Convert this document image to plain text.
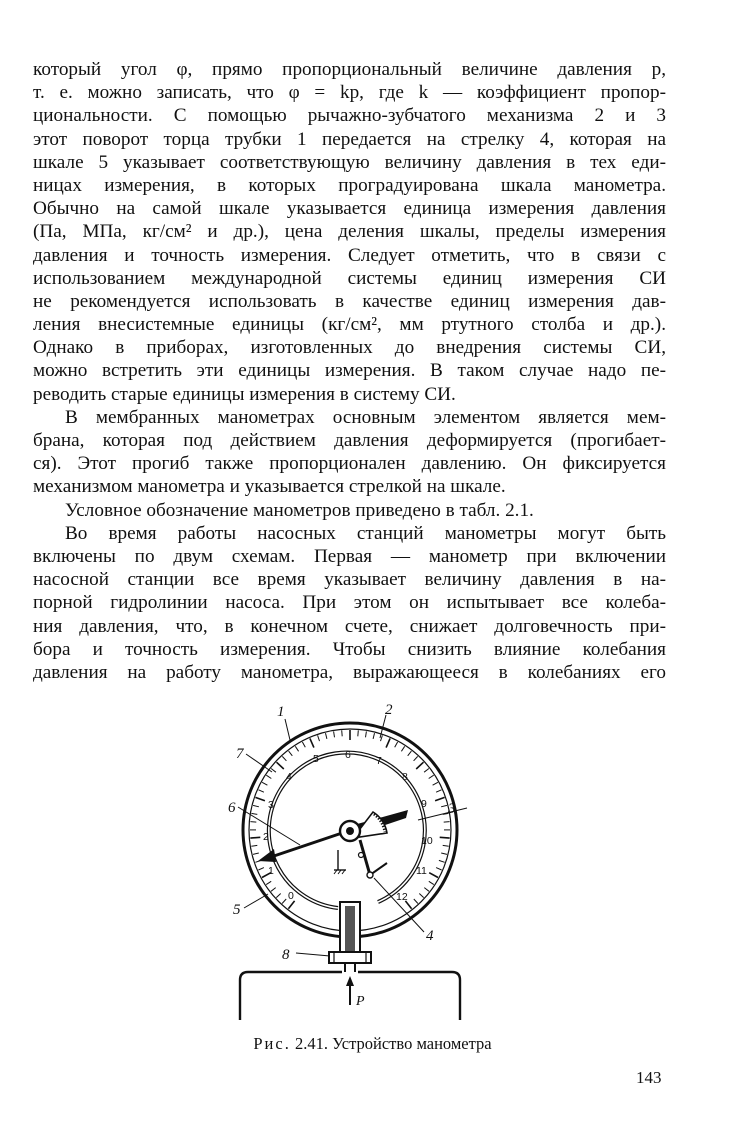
который угол φ, прямо пропорциональный величине давления p,
т. е. можно записать, что φ = kp, где k — коэффициент пропор-
циональности. С помощью рычажно-зубчатого механизма 2 и 3
этот поворот торца трубки 1 передается на стрелку 4, которая на
шкале 5 указывает соответствующую величину давления в тех еди-
ницах измерения, в которых проградуирована шкала манометра.
Обычно на самой шкале указывается единица измерения давления
(Па, МПа, кг/см² и др.), цена деления шкалы, пределы измерения
давления и точность измерения. Следует отметить, что в связи с
использованием международной системы единиц измерения СИ
не рекомендуется использовать в качестве единиц измерения дав-
ления внесистемные единицы (кг/см², мм ртутного столба и др.).
Однако в приборах, изготовленных до внедрения системы СИ,
можно встретить эти единицы измерения. В таком случае надо пе-
реводить старые единицы измерения в систему СИ.
В мембранных манометрах основным элементом является мем-
брана, которая под действием давления деформируется (прогибает-
ся). Этот прогиб также пропорционален давлению. Он фиксируется
механизмом манометра и указывается стрелкой на шкале.
Условное обозначение манометров приведено в табл. 2.1.
Во время работы насосных станций манометры могут быть
включены по двум схемам. Первая — манометр при включении
насосной станции все время указывает величину давления в на-
порной гидролинии насоса. При этом он испытывает все колеба-
ния давления, что, в конечном счете, снижает долговечность при-
бора и точность измерения. Чтобы снизить влияние колебания
давления на работу манометра, выражающееся в колебаниях его
0
1
2
3
4
5 6 7
8
9
10
11
12
P
1	2
3
4
5
6
7
8
Рис. 2.41. Устройство манометра
143
